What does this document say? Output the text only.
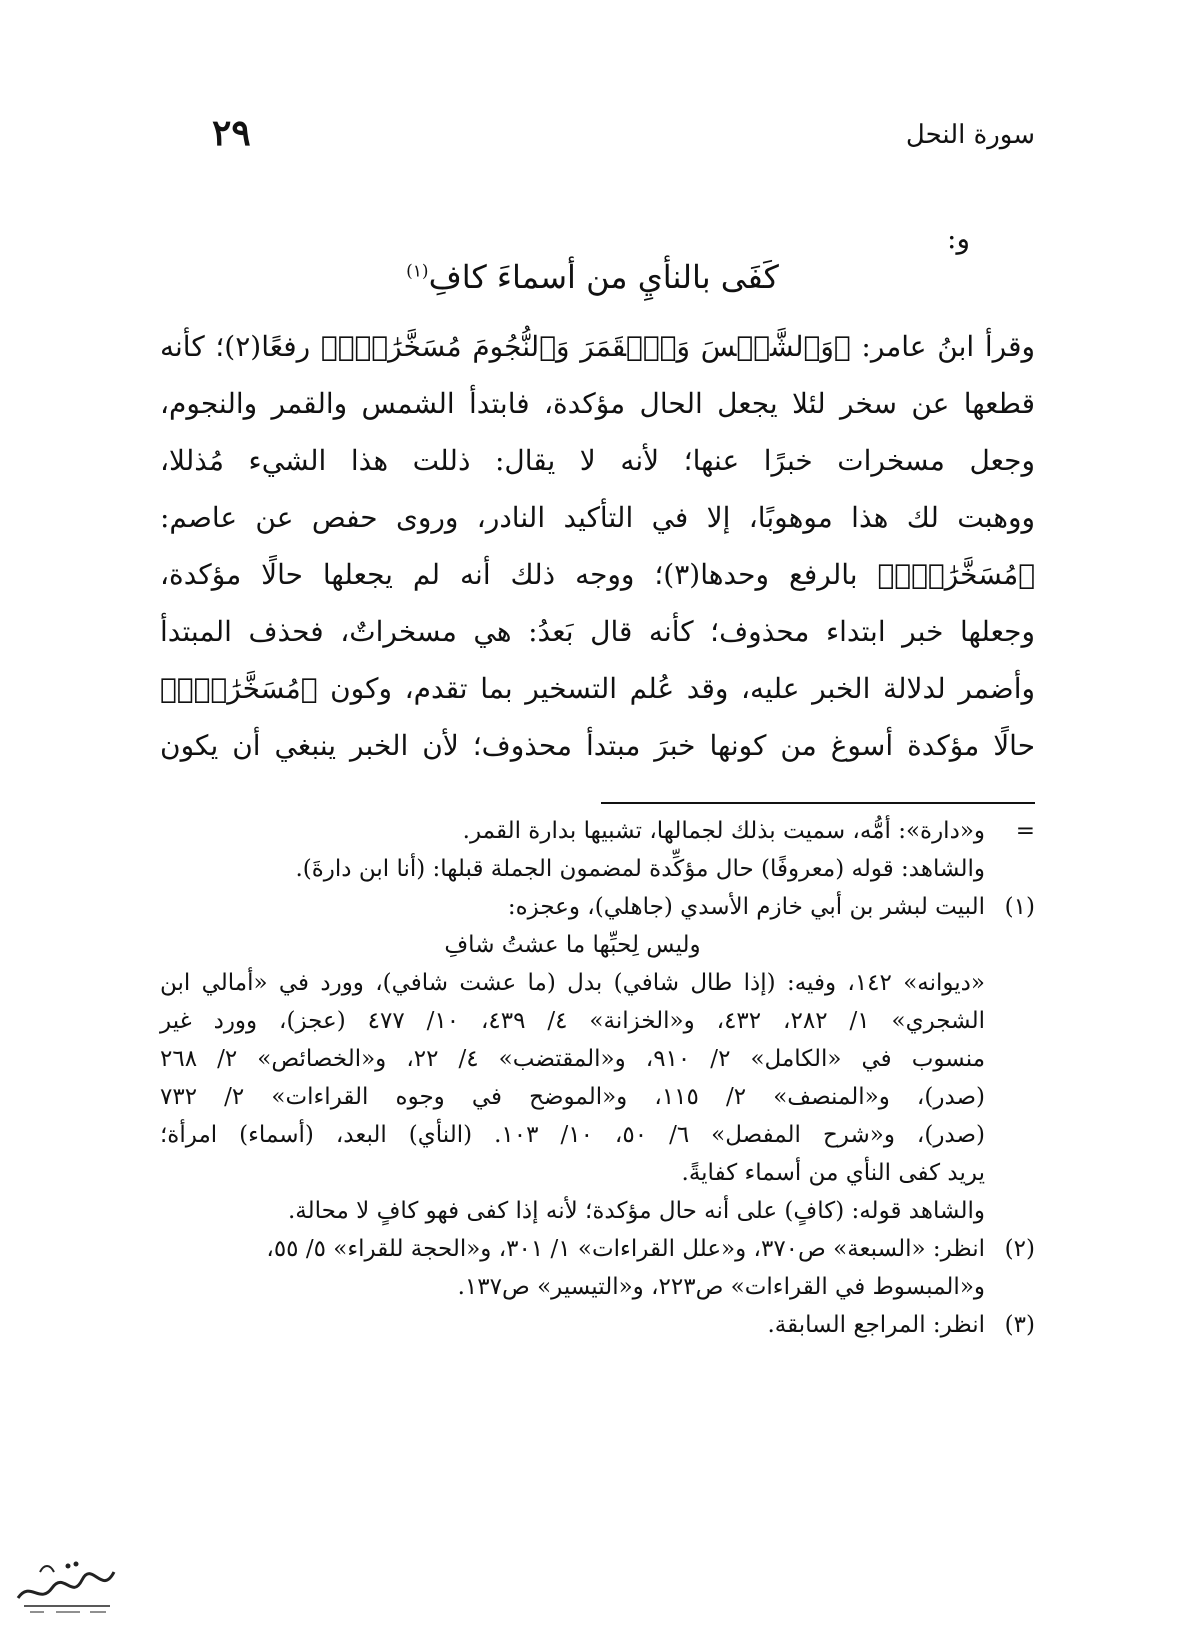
سورة النحل
٢٩
و:
كَفَى بالنأيِ من أسماءَ كافِ$^{(١)}$

وقرأ ابنُ عامر: ﴿وَٱلشَّمۡسَ وَٱلۡقَمَرَ وَٱلنُّجُومَ مُسَخَّرَٰتِۭ﴾ رفعًا(٢)؛ كأنه

قطعها عن سخر لئلا يجعل الحال مؤكدة، فابتدأ الشمس والقمر والنجوم،

وجعل مسخرات خبرًا عنها؛ لأنه لا يقال: ذللت هذا الشيء مُذللا،

ووهبت لك هذا موهوبًا، إلا في التأكيد النادر، وروى حفص عن عاصم:

﴿مُسَخَّرَٰتِۭ﴾ بالرفع وحدها(٣)؛ ووجه ذلك أنه لم يجعلها حالًا مؤكدة،

وجعلها خبر ابتداء محذوف؛ كأنه قال بَعدُ: هي مسخراتٌ، فحذف المبتدأ

وأضمر لدلالة الخبر عليه، وقد عُلم التسخير بما تقدم، وكون ﴿مُسَخَّرَٰتِۭ﴾

حالًا مؤكدة أسوغ من كونها خبرَ مبتدأ محذوف؛ لأن الخبر ينبغي أن يكون

=
و«دارة»: أمُّه، سميت بذلك لجمالها، تشبيها بدارة القمر.
والشاهد: قوله (معروفًا) حال مؤكِّدة لمضمون الجملة قبلها: (أنا ابن دارةَ).
(١)
البيت لبشر بن أبي خازم الأسدي (جاهلي)، وعجزه:
وليس لِحبِّها ما عشتُ شافِ
«ديوانه» ١٤٢، وفيه: (إذا طال شافي) بدل (ما عشت شافي)، وورد في «أمالي ابن
الشجري» ١/ ٢٨٢، ٤٣٢، و«الخزانة» ٤/ ٤٣٩، ١٠/ ٤٧٧ (عجز)، وورد غير
منسوب في «الكامل» ٢/ ٩١٠، و«المقتضب» ٤/ ٢٢، و«الخصائص» ٢/ ٢٦٨
(صدر)، و«المنصف» ٢/ ١١٥، و«الموضح في وجوه القراءات» ٢/ ٧٣٢
(صدر)، و«شرح المفصل» ٦/ ٥٠، ١٠/ ١٠٣. (النأي) البعد، (أسماء) امرأة؛
يريد كفى النأي من أسماء كفايةً.
والشاهد قوله: (كافٍ) على أنه حال مؤكدة؛ لأنه إذا كفى فهو كافٍ لا محالة.
(٢)
انظر: «السبعة» ص٣٧٠، و«علل القراءات» ١/ ٣٠١، و«الحجة للقراء» ٥/ ٥٥،
و«المبسوط في القراءات» ص٢٢٣، و«التيسير» ص١٣٧.
(٣)
انظر: المراجع السابقة.
